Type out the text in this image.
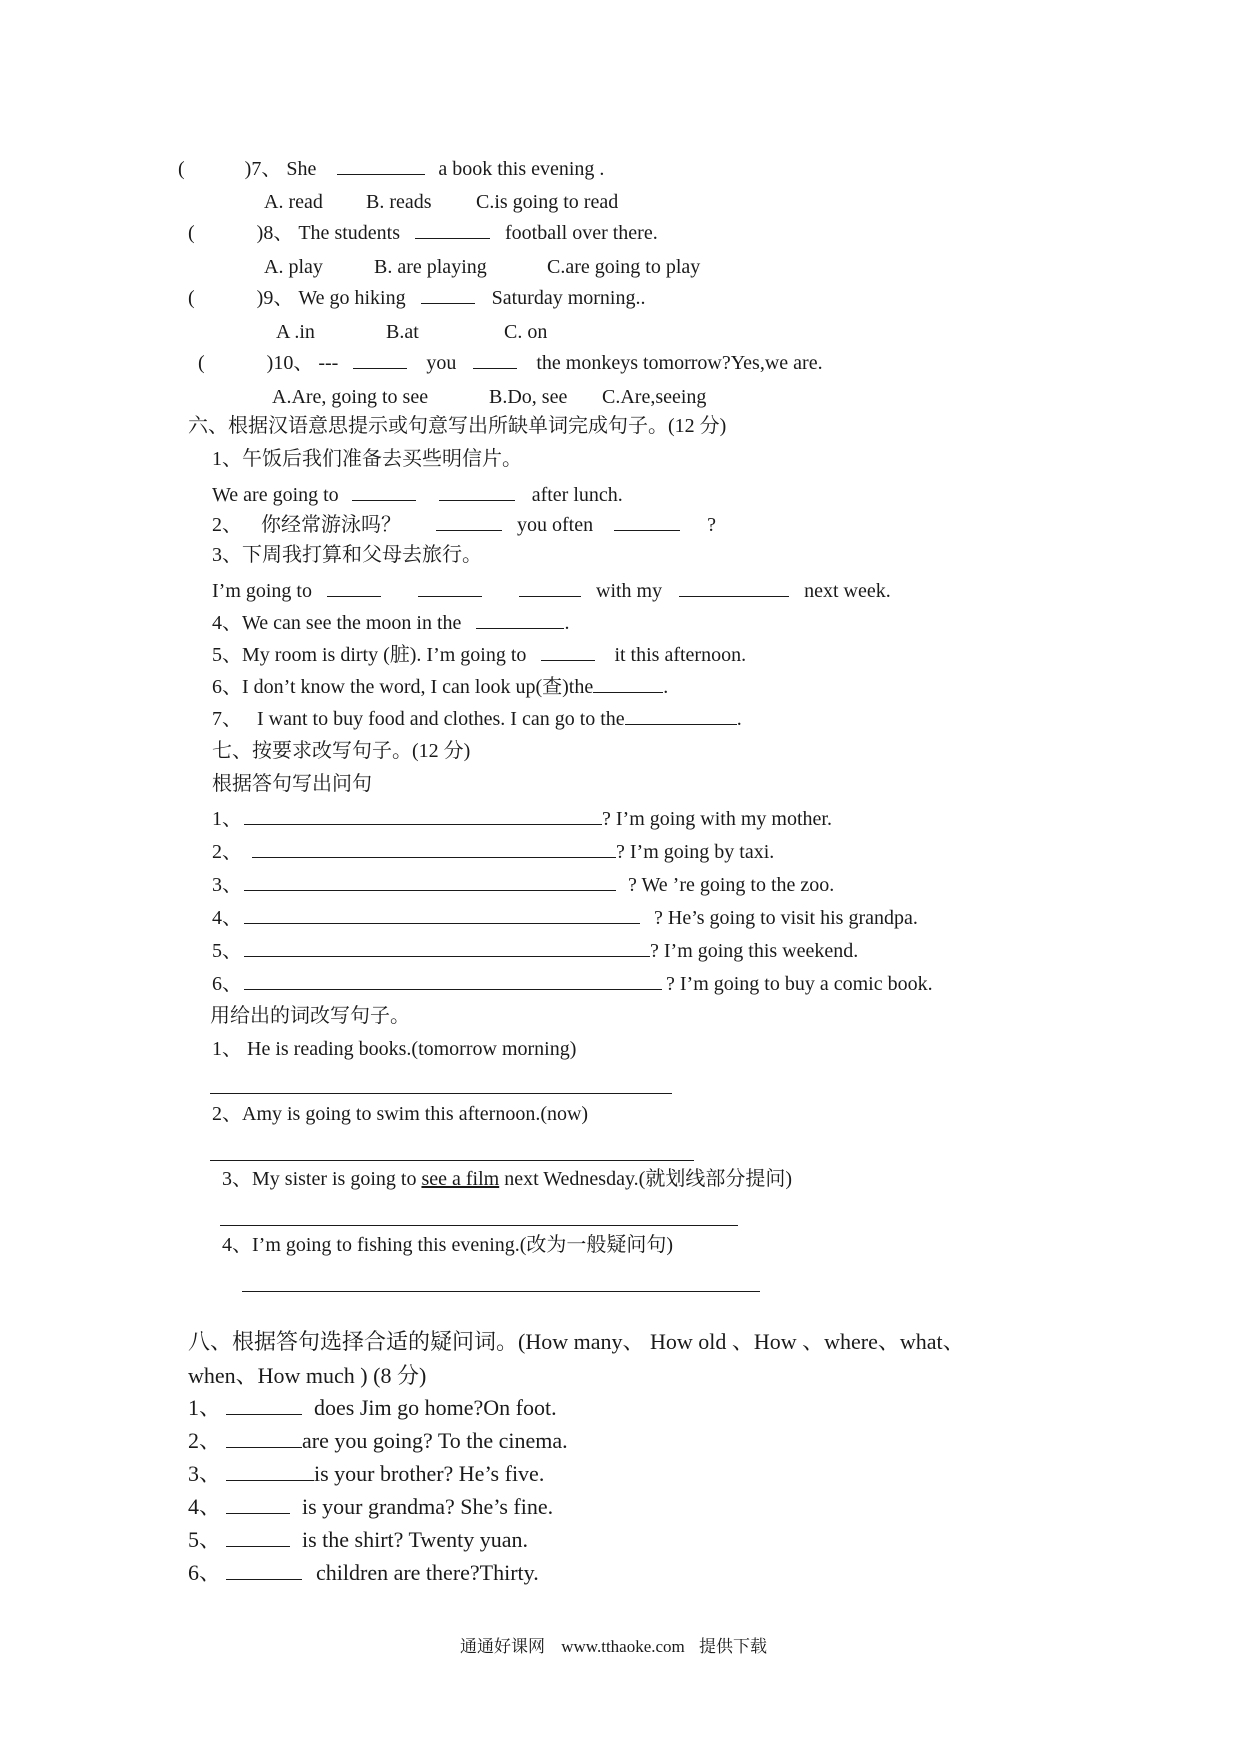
(	)7、 She	a book this evening .
A. read B. reads C.is going to read
(	)8、 The students	football over there.
A. play	B. are playing	C.are going to play
(	)9、 We go hiking	Saturday morning..
A .in	B.at	C. on
(	)10、 ---	you	the monkeys tomorrow?Yes,we are.
A.Are, going to see	B.Do, see C.Are,seeing
六、根据汉语意思提示或句意写出所缺单词完成句子。(12 分)
1、午饭后我们准备去买些明信片。
We are going to	after lunch.
2、 你经常游泳吗？	you often	?
3、下周我打算和父母去旅行。
I’m going to	with my	next week.
4、We can see the moon in the	.
5、My room is dirty (脏). I’m going to	it this afternoon.
6、I don’t know the word, I can look up(查)the	.
7、 I want to buy food and clothes. I can go to the	.
七、按要求改写句子。(12 分)
根据答句写出问句
1、	? I’m going with my mother.
2、	? I’m going by taxi.
3、	? We ’re going to the zoo.
4、	? He’s going to visit his grandpa.
5、	? I’m going this weekend.
6、	? I’m going to buy a comic book.
用给出的词改写句子。
1、 He is reading books.(tomorrow morning)
2、Amy is going to swim this afternoon.(now)
3、My sister is going to see a film next Wednesday.(就划线部分提问)
4、I’m going to fishing this evening.(改为一般疑问句)
八、根据答句选择合适的疑问词。(How many、 How old 、How 、where、what、
when、How much ) (8 分)
1、	does Jim go home?On foot.
2、	are you going? To the cinema.
3、	is your brother? He’s five.
4、	is your grandma? She’s fine.
5、	is the shirt? Twenty yuan.
6、	children are there?Thirty.
通通好课网 www.tthaoke.com 提供下载
